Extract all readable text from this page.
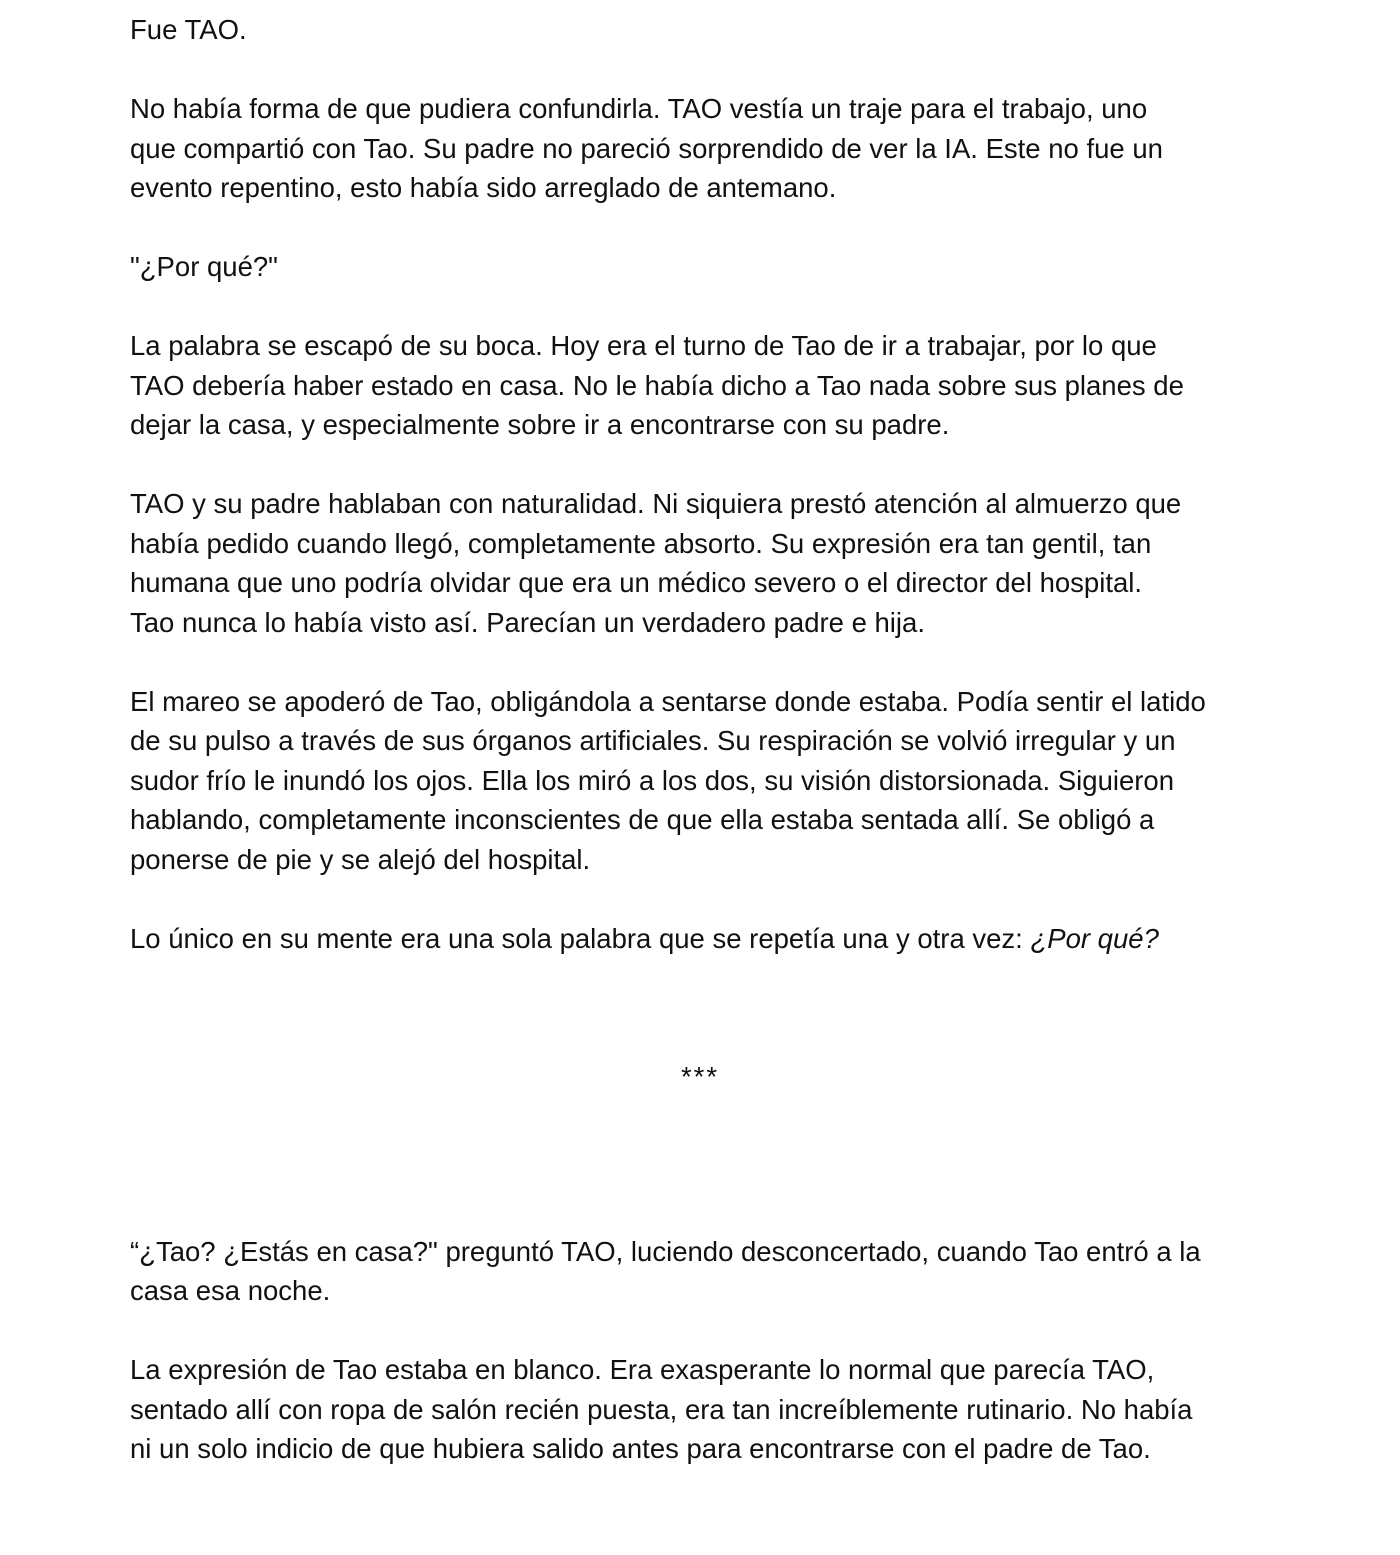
Fue TAO.

No había forma de que pudiera confundirla. TAO vestía un traje para el trabajo, uno
que compartió con Tao. Su padre no pareció sorprendido de ver la IA. Este no fue un
evento repentino, esto había sido arreglado de antemano.

"¿Por qué?"

La palabra se escapó de su boca. Hoy era el turno de Tao de ir a trabajar, por lo que
TAO debería haber estado en casa. No le había dicho a Tao nada sobre sus planes de
dejar la casa, y especialmente sobre ir a encontrarse con su padre.

TAO y su padre hablaban con naturalidad. Ni siquiera prestó atención al almuerzo que
había pedido cuando llegó, completamente absorto. Su expresión era tan gentil, tan
humana que uno podría olvidar que era un médico severo o el director del hospital.
Tao nunca lo había visto así. Parecían un verdadero padre e hija.

El mareo se apoderó de Tao, obligándola a sentarse donde estaba. Podía sentir el latido
de su pulso a través de sus órganos artificiales. Su respiración se volvió irregular y un
sudor frío le inundó los ojos. Ella los miró a los dos, su visión distorsionada. Siguieron
hablando, completamente inconscientes de que ella estaba sentada allí. Se obligó a
ponerse de pie y se alejó del hospital.

Lo único en su mente era una sola palabra que se repetía una y otra vez: ¿Por qué?

***

“¿Tao? ¿Estás en casa?" preguntó TAO, luciendo desconcertado, cuando Tao entró a la
casa esa noche.

La expresión de Tao estaba en blanco. Era exasperante lo normal que parecía TAO,
sentado allí con ropa de salón recién puesta, era tan increíblemente rutinario. No había
ni un solo indicio de que hubiera salido antes para encontrarse con el padre de Tao.
